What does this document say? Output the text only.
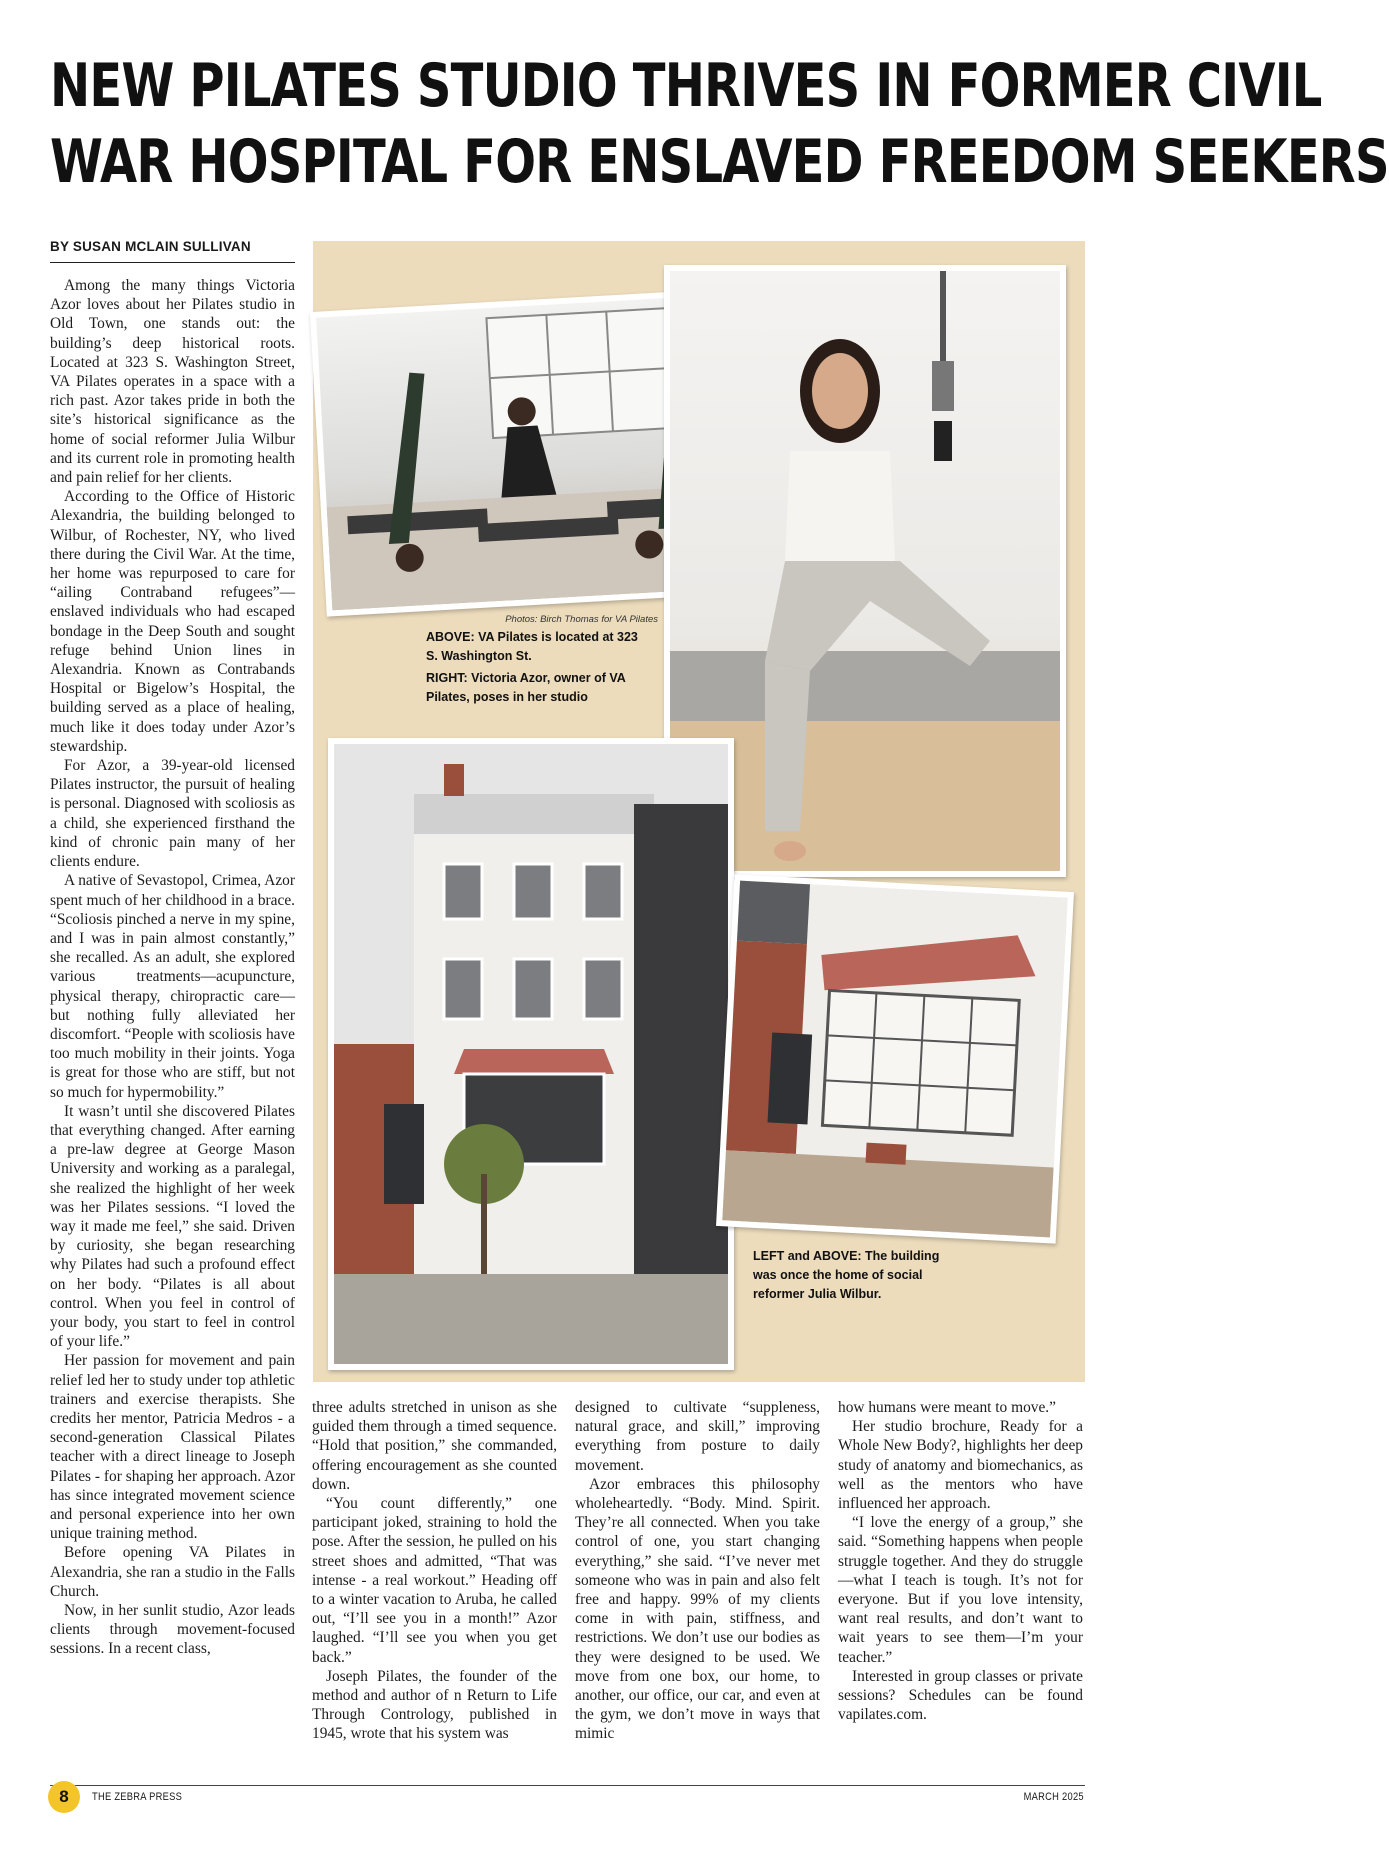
NEW PILATES STUDIO THRIVES IN FORMER CIVIL
WAR HOSPITAL FOR ENSLAVED FREEDOM SEEKERS
BY SUSAN MCLAIN SULLIVAN

Among the many things Victoria Azor loves about her Pilates studio in Old Town, one stands out: the building’s deep historical roots. Located at 323 S. Washington Street, VA Pilates operates in a space with a rich past. Azor takes pride in both the site’s historical significance as the home of social reformer Julia Wilbur and its current role in promoting health and pain relief for her clients.

According to the Office of Historic Alexandria, the building belonged to Wilbur, of Rochester, NY, who lived there during the Civil War. At the time, her home was repurposed to care for “ailing Contraband refugees”—enslaved individuals who had escaped bondage in the Deep South and sought refuge behind Union lines in Alexandria. Known as Contrabands Hospital or Bigelow’s Hospital, the building served as a place of healing, much like it does today under Azor’s stewardship.

For Azor, a 39-year-old licensed Pilates instructor, the pursuit of healing is personal. Diagnosed with scoliosis as a child, she experienced firsthand the kind of chronic pain many of her clients endure.

A native of Sevastopol, Crimea, Azor spent much of her childhood in a brace. “Scoliosis pinched a nerve in my spine, and I was in pain almost constantly,” she recalled. As an adult, she explored various treatments—acupuncture, physical therapy, chiropractic care—but nothing fully alleviated her discomfort. “People with scoliosis have too much mobility in their joints. Yoga is great for those who are stiff, but not so much for hypermobility.”

It wasn’t until she discovered Pilates that everything changed. After earning a pre-law degree at George Mason University and working as a paralegal, she realized the highlight of her week was her Pilates sessions. “I loved the way it made me feel,” she said. Driven by curiosity, she began researching why Pilates had such a profound effect on her body. “Pilates is all about control. When you feel in control of your body, you start to feel in control of your life.”

Her passion for movement and pain relief led her to study under top athletic trainers and exercise therapists. She credits her mentor, Patricia Medros - a second-generation Classical Pilates teacher with a direct lineage to Joseph Pilates - for shaping her approach. Azor has since integrated movement science and personal experience into her own unique training method.

Before opening VA Pilates in Alexandria, she ran a studio in the Falls Church.

Now, in her sunlit studio, Azor leads clients through movement-focused sessions. In a recent class,

Photos: Birch Thomas for VA Pilates
ABOVE: VA Pilates is located at 323 S. Washington St.
RIGHT: Victoria Azor, owner of VA Pilates, poses in her studio
LEFT and ABOVE: The building was once the home of social reformer Julia Wilbur.

three adults stretched in unison as she guided them through a timed sequence. “Hold that position,” she commanded, offering encouragement as she counted down.

“You count differently,” one participant joked, straining to hold the pose. After the session, he pulled on his street shoes and admitted, “That was intense - a real workout.” Heading off to a winter vacation to Aruba, he called out, “I’ll see you in a month!” Azor laughed. “I’ll see you when you get back.”

Joseph Pilates, the founder of the method and author of n Return to Life Through Contrology, published in 1945, wrote that his system was

designed to cultivate “suppleness, natural grace, and skill,” improving everything from posture to daily movement.

Azor embraces this philosophy wholeheartedly. “Body. Mind. Spirit. They’re all connected. When you take control of one, you start changing everything,” she said. “I’ve never met someone who was in pain and also felt free and happy. 99% of my clients come in with pain, stiffness, and restrictions. We don’t use our bodies as they were designed to be used. We move from one box, our home, to another, our office, our car, and even at the gym, we don’t move in ways that mimic

how humans were meant to move.”

Her studio brochure, Ready for a Whole New Body?, highlights her deep study of anatomy and biomechanics, as well as the mentors who have influenced her approach.

“I love the energy of a group,” she said. “Something happens when people struggle together. And they do struggle—what I teach is tough. It’s not for everyone. But if you love intensity, want real results, and don’t want to wait years to see them—I’m your teacher.”

Interested in group classes or private sessions? Schedules can be found vapilates.com.

8	THE ZEBRA PRESS	MARCH 2025
